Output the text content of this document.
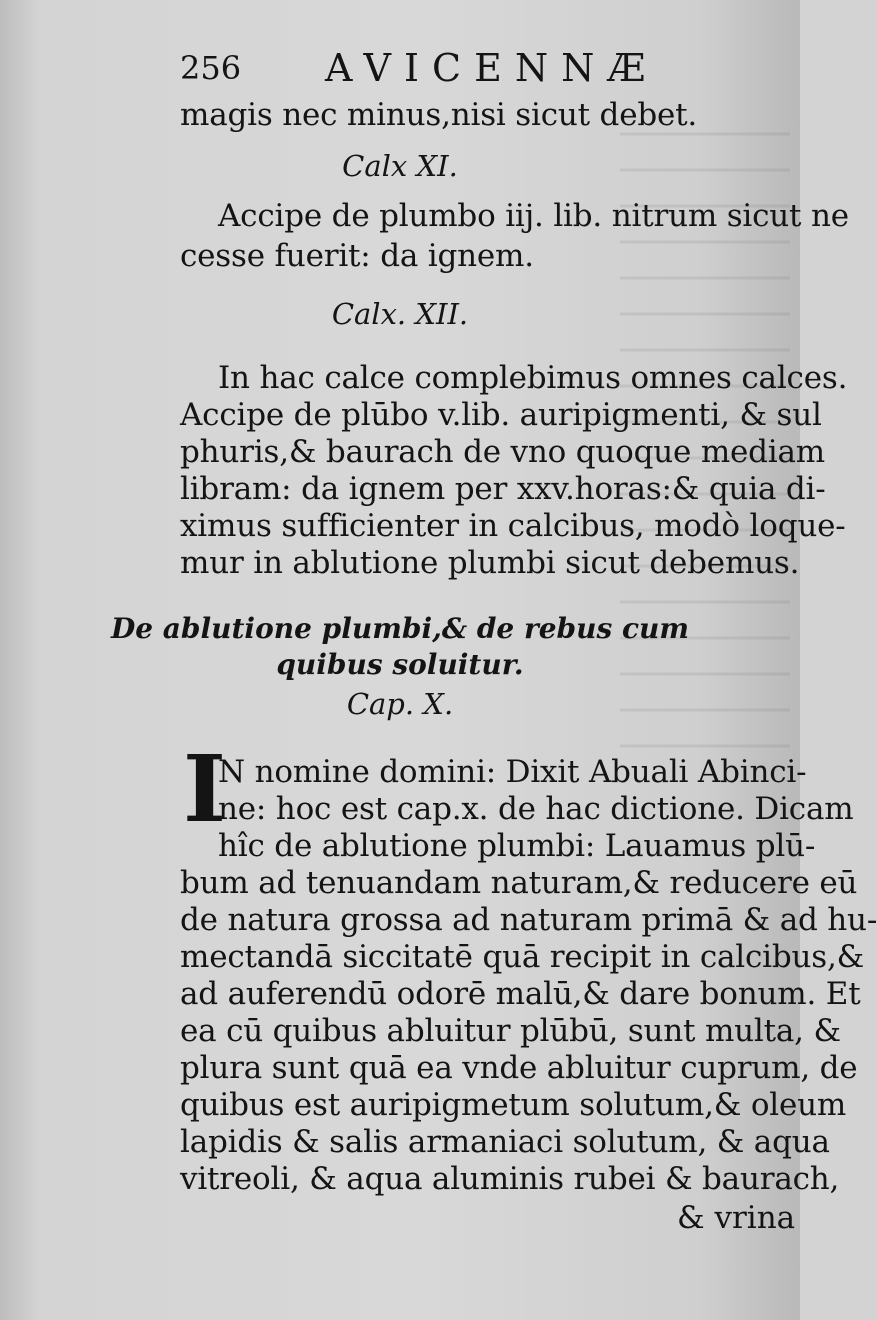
256 AVICENNÆ
magis nec minus,nisi sicut debet.
Calx XI.
Accipe de plumbo iij. lib. nitrum sicut ne
cesse fuerit: da ignem.
Calx. XII.
In hac calce complebimus omnes calces.
Accipe de plūbo v.lib. auripigmenti, & sul
phuris,& baurach de vno quoque mediam
libram: da ignem per xxv.horas:& quia di-
ximus sufficienter in calcibus, modò loque-
mur in ablutione plumbi sicut debemus.
De ablutione plumbi,& de rebus cum
quibus soluitur.
Cap. X.
I
N nomine domini: Dixit Abuali Abinci-
ne: hoc est cap.x. de hac dictione. Dicam
hîc de ablutione plumbi: Lauamus plū-
bum ad tenuandam naturam,& reducere eū
de natura grossa ad naturam primā & ad hu-
mectandā siccitatē quā recipit in calcibus,&
ad auferendū odorē malū,& dare bonum. Et
ea cū quibus abluitur plūbū, sunt multa, &
plura sunt quā ea vnde abluitur cuprum, de
quibus est auripigmetum solutum,& oleum
lapidis & salis armaniaci solutum, & aqua
vitreoli, & aqua aluminis rubei & baurach,
& vrina
